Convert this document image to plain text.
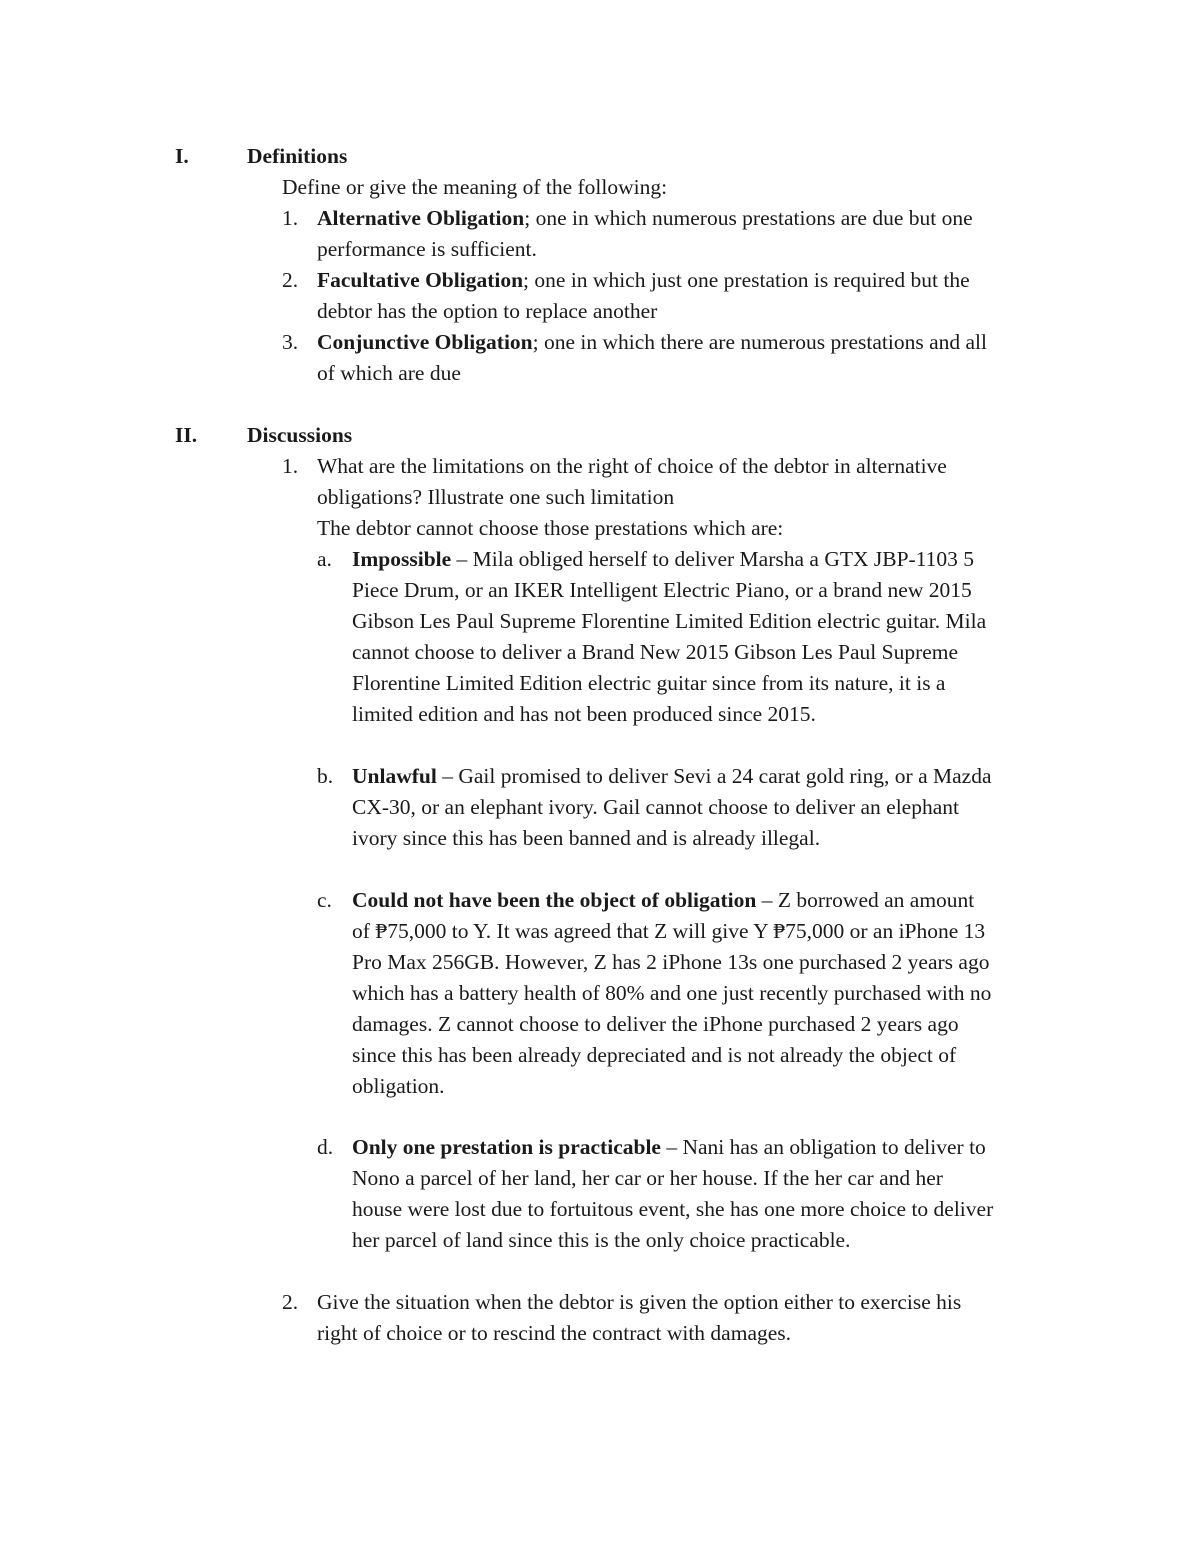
I.	Definitions
Define or give the meaning of the following:
1. Alternative Obligation; one in which numerous prestations are due but one
performance is sufficient.
2. Facultative Obligation; one in which just one prestation is required but the
debtor has the option to replace another
3. Conjunctive Obligation; one in which there are numerous prestations and all
of which are due
II. Discussions
1. What are the limitations on the right of choice of the debtor in alternative
obligations? Illustrate one such limitation
The debtor cannot choose those prestations which are:
a. Impossible – Mila obliged herself to deliver Marsha a GTX JBP-1103 5
Piece Drum, or an IKER Intelligent Electric Piano, or a brand new 2015
Gibson Les Paul Supreme Florentine Limited Edition electric guitar. Mila
cannot choose to deliver a Brand New 2015 Gibson Les Paul Supreme
Florentine Limited Edition electric guitar since from its nature, it is a
limited edition and has not been produced since 2015.
b. Unlawful – Gail promised to deliver Sevi a 24 carat gold ring, or a Mazda
CX-30, or an elephant ivory. Gail cannot choose to deliver an elephant
ivory since this has been banned and is already illegal.
c. Could not have been the object of obligation – Z borrowed an amount
of ₱75,000 to Y. It was agreed that Z will give Y ₱75,000 or an iPhone 13
Pro Max 256GB. However, Z has 2 iPhone 13s one purchased 2 years ago
which has a battery health of 80% and one just recently purchased with no
damages. Z cannot choose to deliver the iPhone purchased 2 years ago
since this has been already depreciated and is not already the object of
obligation.
d. Only one prestation is practicable – Nani has an obligation to deliver to
Nono a parcel of her land, her car or her house. If the her car and her
house were lost due to fortuitous event, she has one more choice to deliver
her parcel of land since this is the only choice practicable.
2. Give the situation when the debtor is given the option either to exercise his
right of choice or to rescind the contract with damages.
